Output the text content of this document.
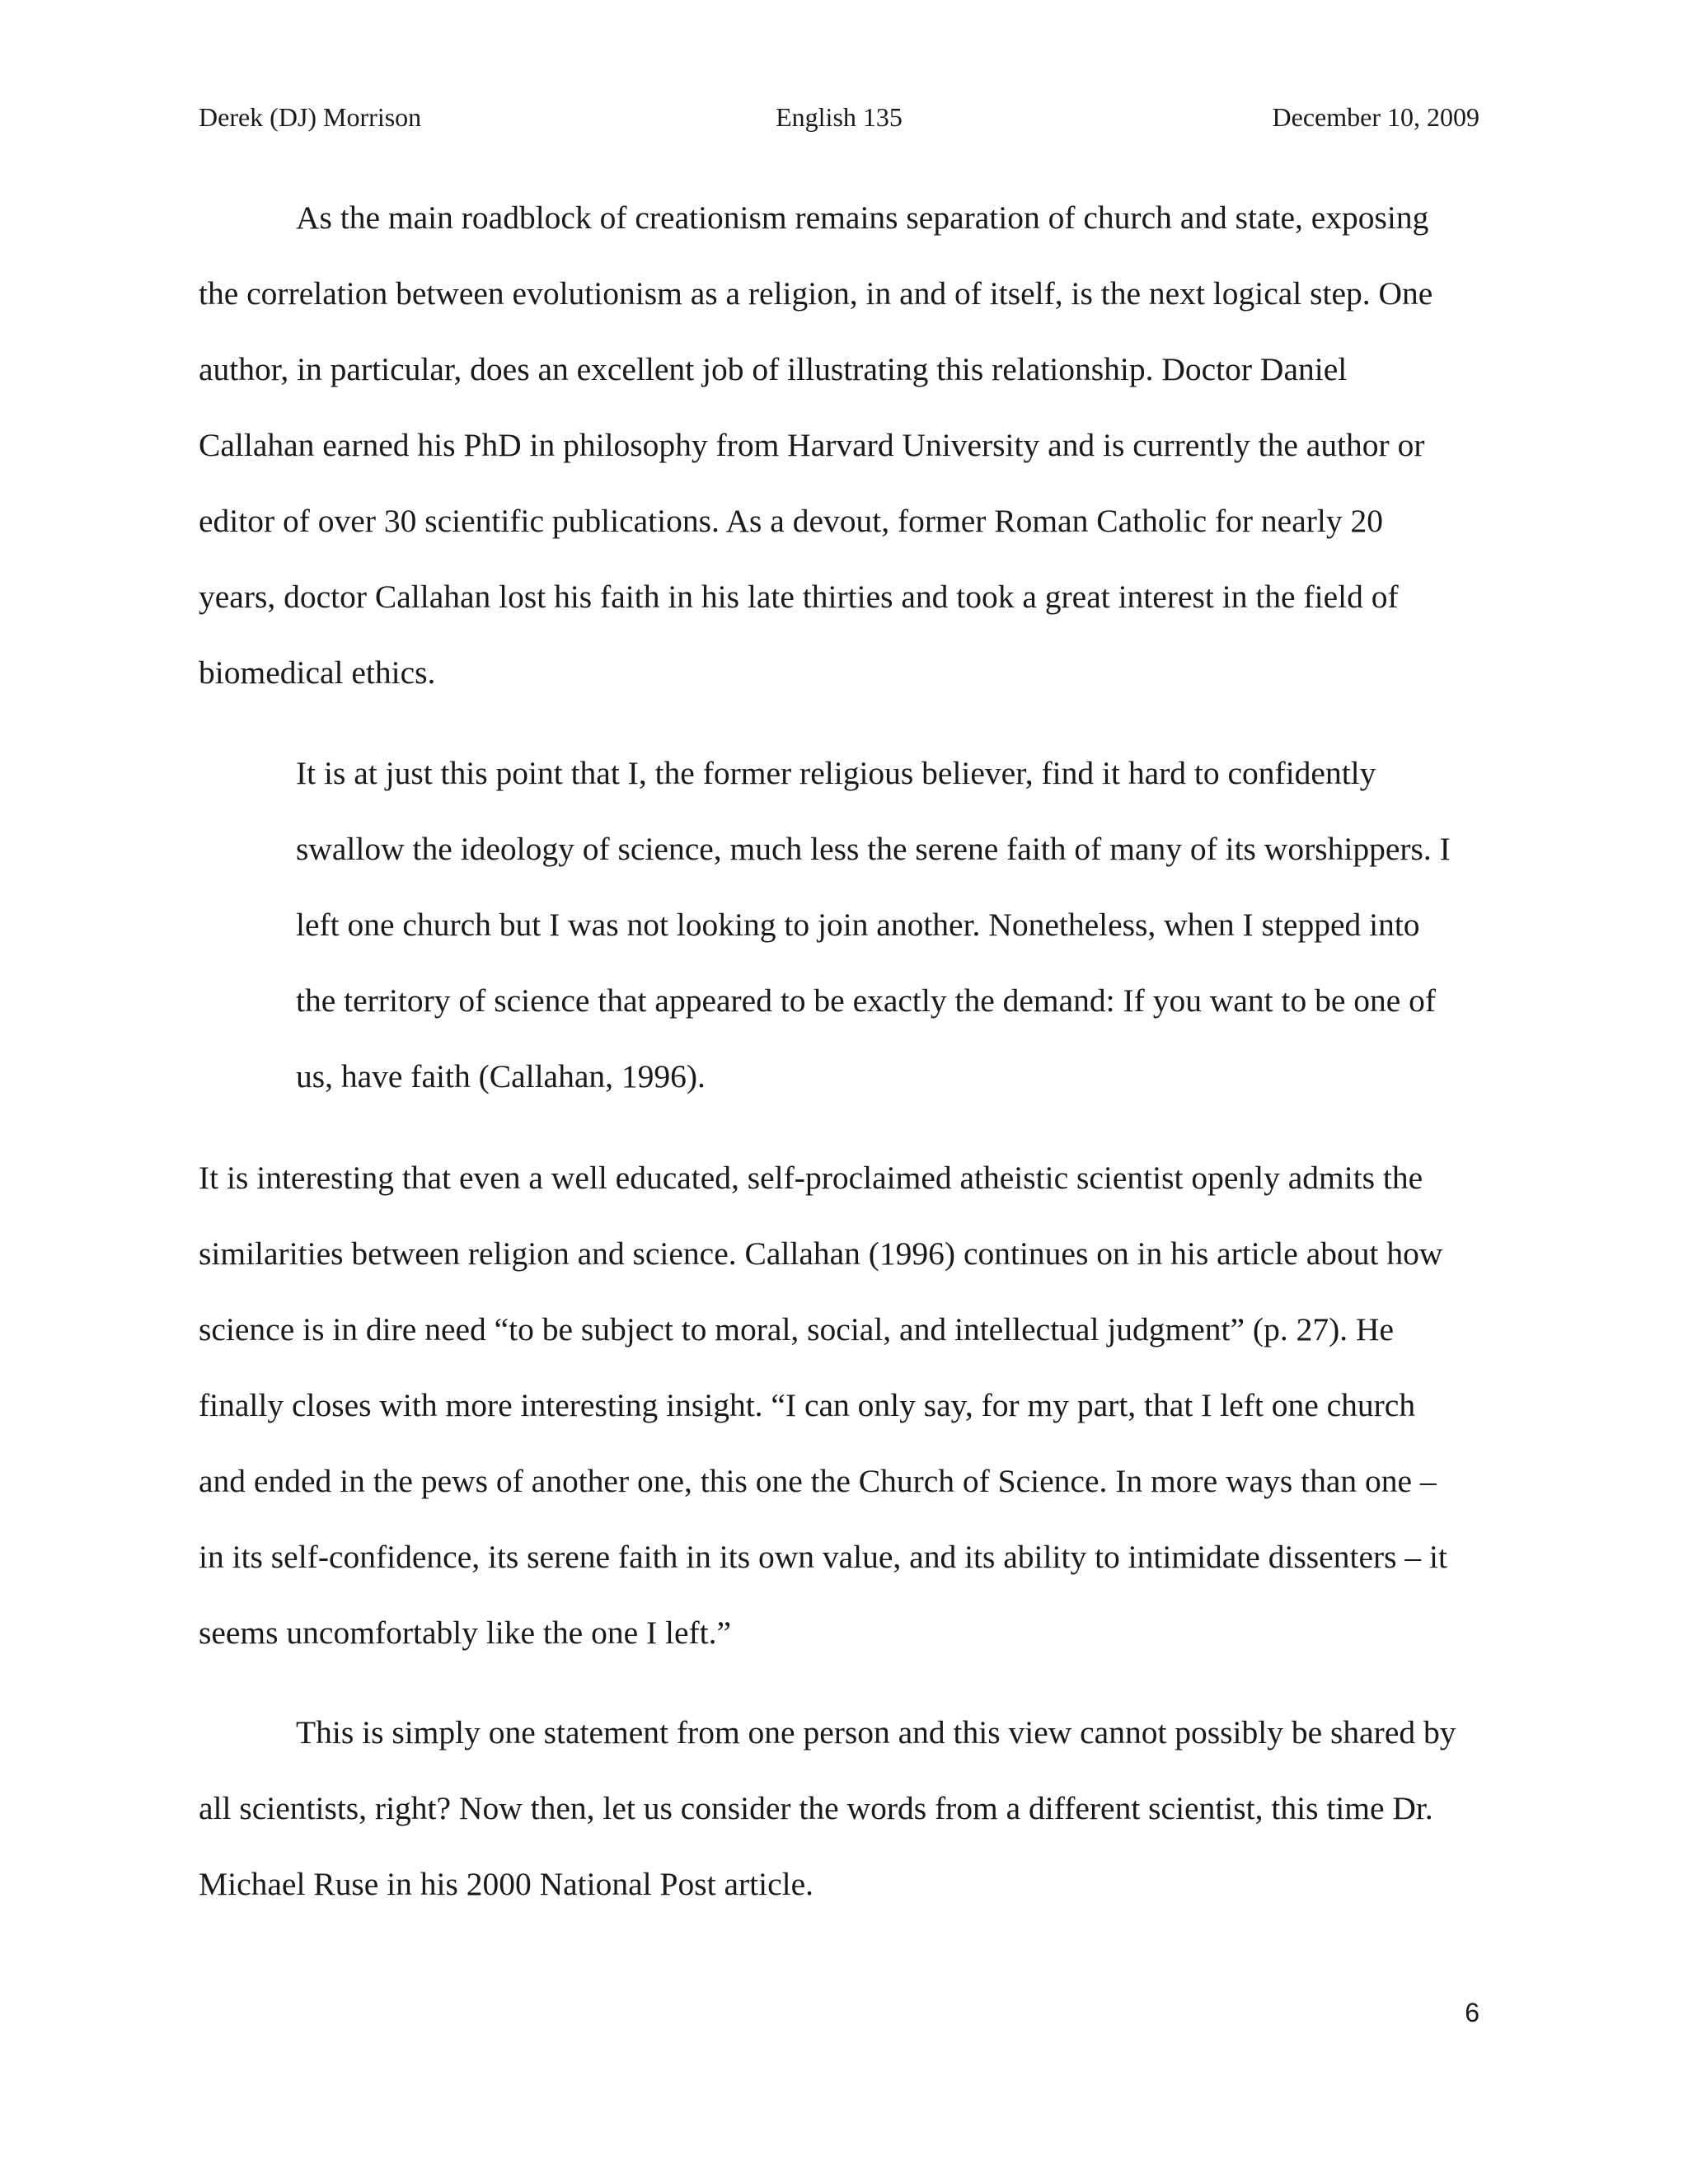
Derek (DJ) Morrison	English 135	December 10, 2009

As the main roadblock of creationism remains separation of church and state, exposing
the correlation between evolutionism as a religion, in and of itself, is the next logical step. One
author, in particular, does an excellent job of illustrating this relationship. Doctor Daniel
Callahan earned his PhD in philosophy from Harvard University and is currently the author or
editor of over 30 scientific publications. As a devout, former Roman Catholic for nearly 20
years, doctor Callahan lost his faith in his late thirties and took a great interest in the field of
biomedical ethics.

It is at just this point that I, the former religious believer, find it hard to confidently
swallow the ideology of science, much less the serene faith of many of its worshippers. I
left one church but I was not looking to join another. Nonetheless, when I stepped into
the territory of science that appeared to be exactly the demand: If you want to be one of
us, have faith (Callahan, 1996).

It is interesting that even a well educated, self-proclaimed atheistic scientist openly admits the
similarities between religion and science. Callahan (1996) continues on in his article about how
science is in dire need “to be subject to moral, social, and intellectual judgment” (p. 27). He
finally closes with more interesting insight. “I can only say, for my part, that I left one church
and ended in the pews of another one, this one the Church of Science. In more ways than one –
in its self-confidence, its serene faith in its own value, and its ability to intimidate dissenters – it
seems uncomfortably like the one I left.”

This is simply one statement from one person and this view cannot possibly be shared by
all scientists, right? Now then, let us consider the words from a different scientist, this time Dr.
Michael Ruse in his 2000 National Post article.

6
